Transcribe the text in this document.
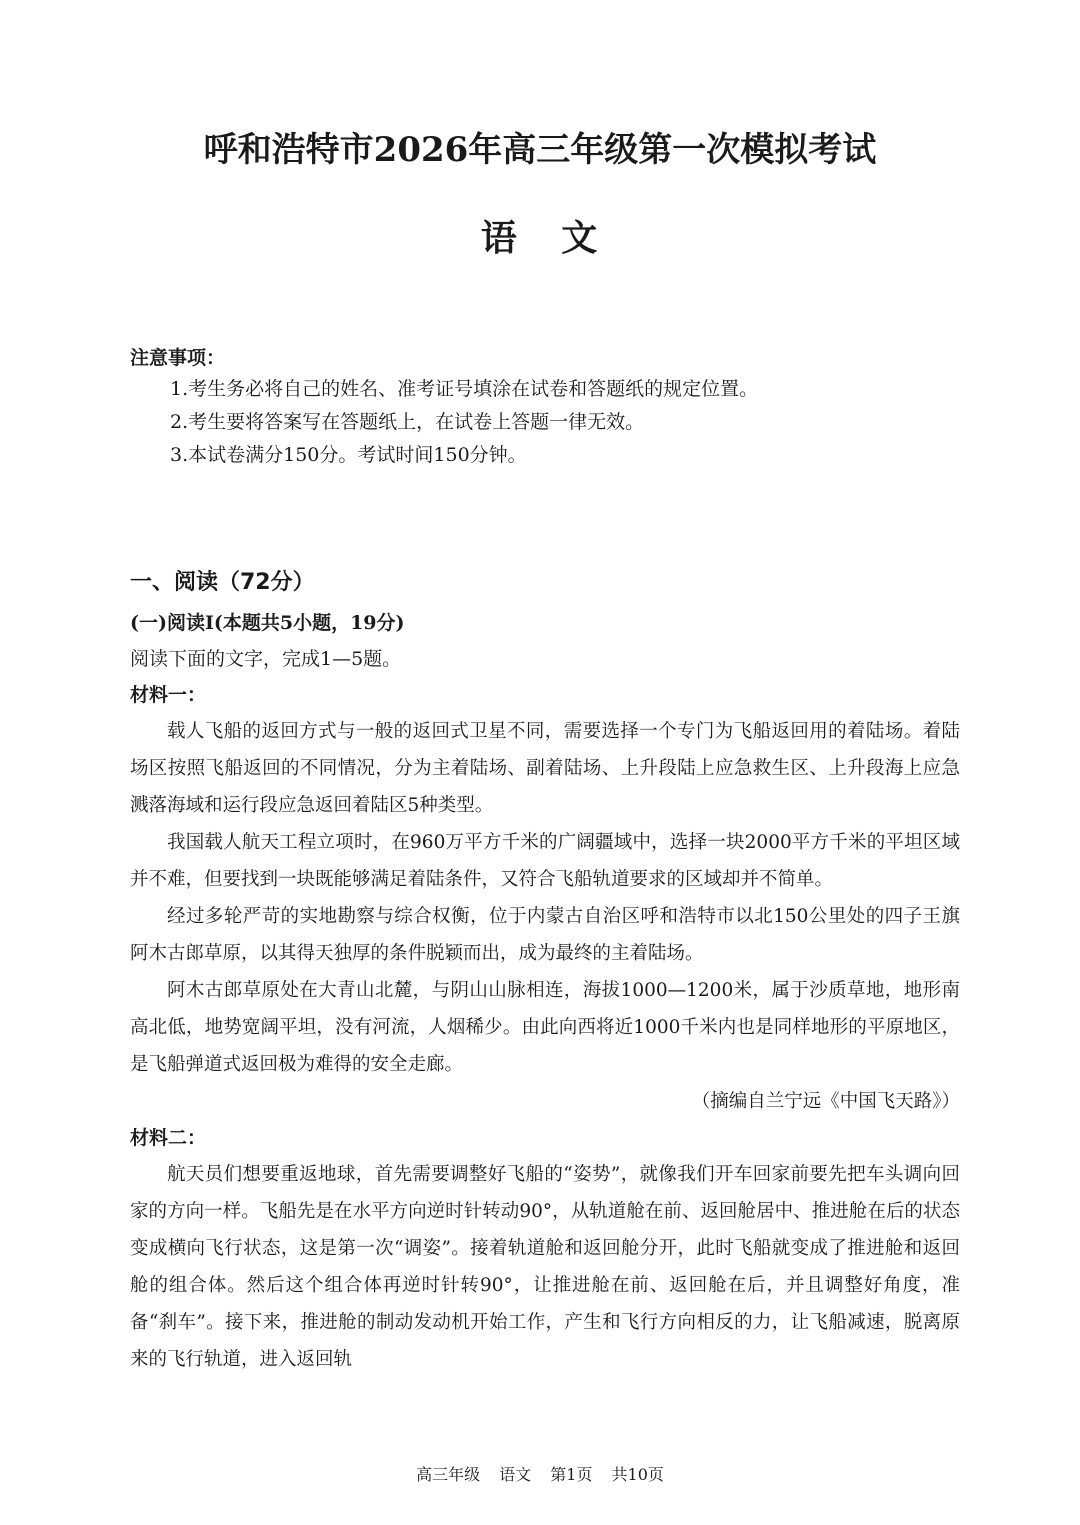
呼和浩特市2026年高三年级第一次模拟考试
语 文
注意事项：
1.考生务必将自己的姓名、准考证号填涂在试卷和答题纸的规定位置。
2.考生要将答案写在答题纸上，在试卷上答题一律无效。
3.本试卷满分150分。考试时间150分钟。
一、阅读（72分）
(一)阅读Ⅰ(本题共5小题，19分)
阅读下面的文字，完成1—5题。
材料一：

载人飞船的返回方式与一般的返回式卫星不同，需要选择一个专门为飞船返回用的着陆场。着陆场区按照飞船返回的不同情况，分为主着陆场、副着陆场、上升段陆上应急救生区、上升段海上应急溅落海域和运行段应急返回着陆区5种类型。

我国载人航天工程立项时，在960万平方千米的广阔疆域中，选择一块2000平方千米的平坦区域并不难，但要找到一块既能够满足着陆条件，又符合飞船轨道要求的区域却并不简单。

经过多轮严苛的实地勘察与综合权衡，位于内蒙古自治区呼和浩特市以北150公里处的四子王旗阿木古郎草原，以其得天独厚的条件脱颖而出，成为最终的主着陆场。

阿木古郎草原处在大青山北麓，与阴山山脉相连，海拔1000—1200米，属于沙质草地，地形南高北低，地势宽阔平坦，没有河流，人烟稀少。由此向西将近1000千米内也是同样地形的平原地区，是飞船弹道式返回极为难得的安全走廊。

（摘编自兰宁远《中国飞天路》）

材料二：

航天员们想要重返地球，首先需要调整好飞船的“姿势”，就像我们开车回家前要先把车头调向回家的方向一样。飞船先是在水平方向逆时针转动90°，从轨道舱在前、返回舱居中、推进舱在后的状态变成横向飞行状态，这是第一次“调姿”。接着轨道舱和返回舱分开，此时飞船就变成了推进舱和返回舱的组合体。然后这个组合体再逆时针转90°，让推进舱在前、返回舱在后，并且调整好角度，准备“刹车”。接下来，推进舱的制动发动机开始工作，产生和飞行方向相反的力，让飞船减速，脱离原来的飞行轨道，进入返回轨

高三年级 语文 第1页 共10页
